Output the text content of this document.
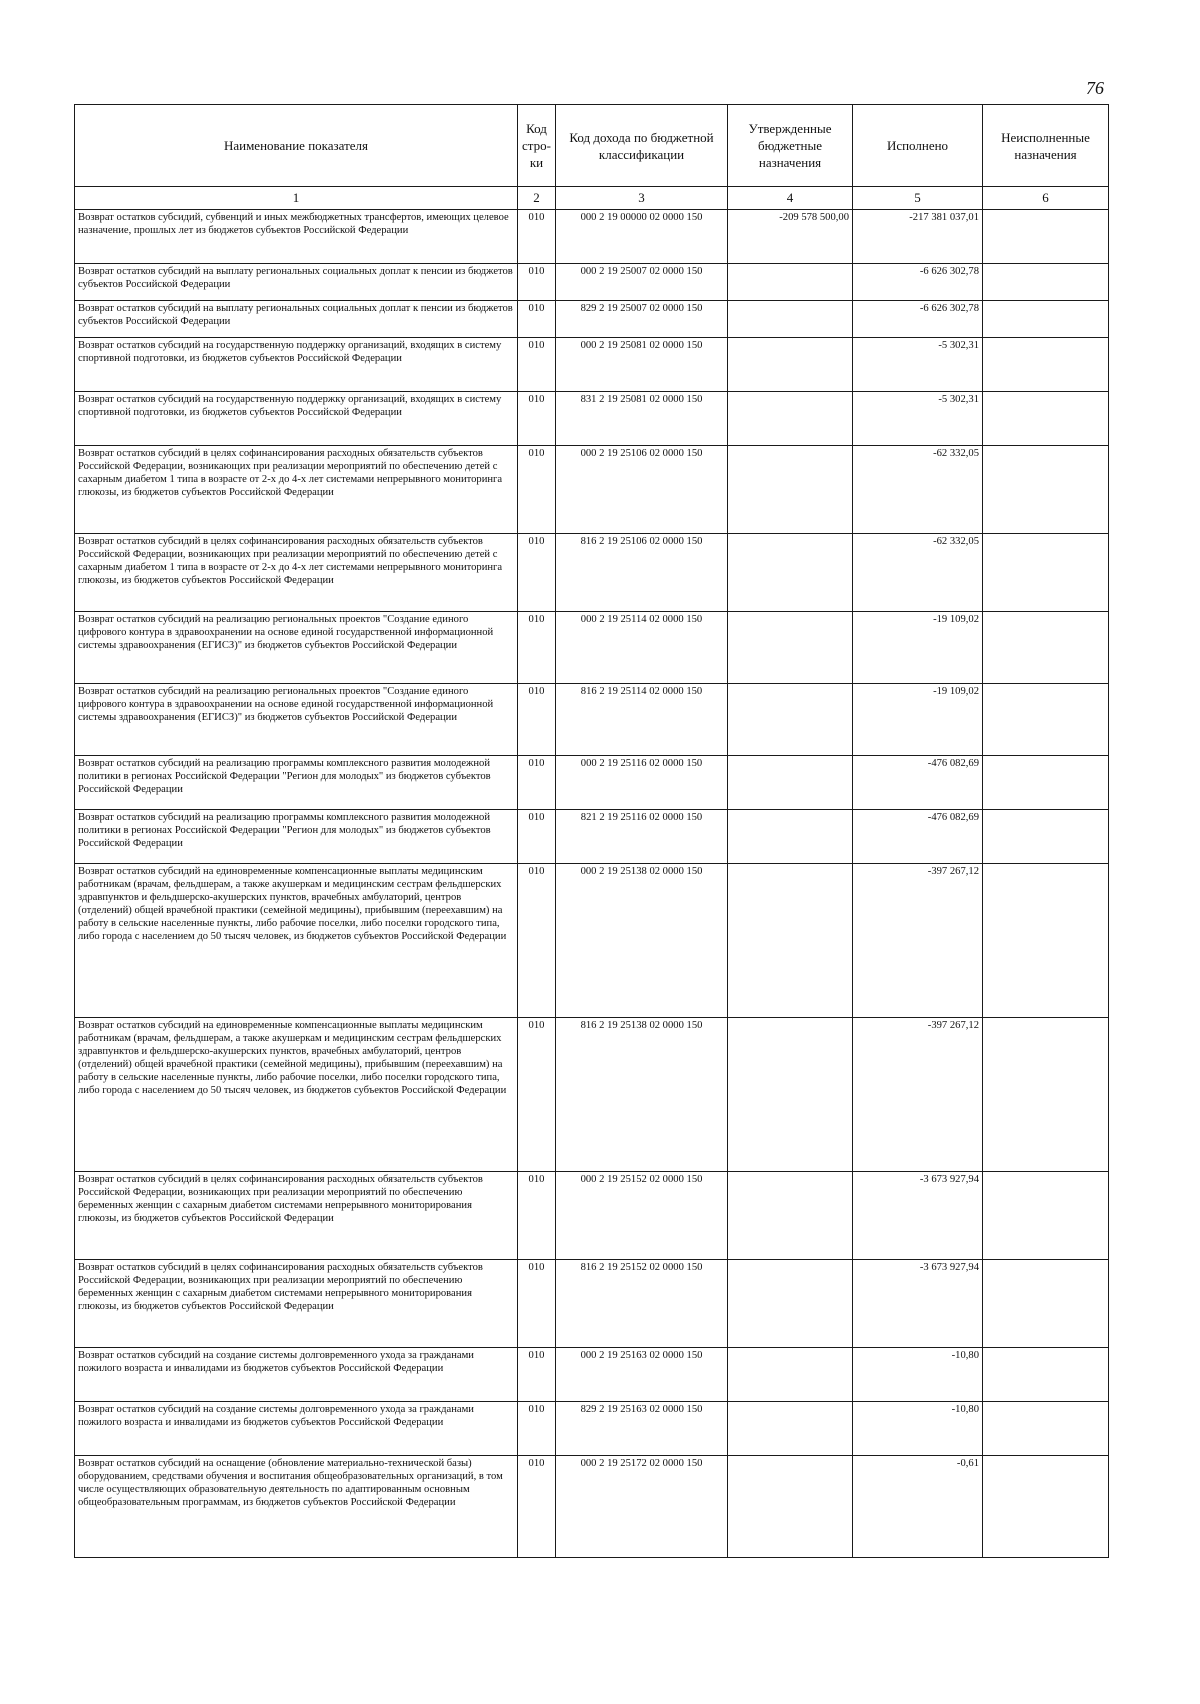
76
Наименование показателя	Код стро-ки	Код дохода по бюджетной классификации	Утвержденные бюджетные назначения	Исполнено	Неисполненные назначения
1	2	3	4	5	6
Возврат остатков субсидий, субвенций и иных межбюджетных трансфертов, имеющих целевое назначение, прошлых лет из бюджетов субъектов Российской Федерации	010	000 2 19 00000 02 0000 150	-209 578 500,00	-217 381 037,01	
Возврат остатков субсидий на выплату региональных социальных доплат к пенсии из бюджетов субъектов Российской Федерации	010	000 2 19 25007 02 0000 150		-6 626 302,78	
Возврат остатков субсидий на выплату региональных социальных доплат к пенсии из бюджетов субъектов Российской Федерации	010	829 2 19 25007 02 0000 150		-6 626 302,78	
Возврат остатков субсидий на государственную поддержку организаций, входящих в систему спортивной подготовки, из бюджетов субъектов Российской Федерации	010	000 2 19 25081 02 0000 150		-5 302,31	
Возврат остатков субсидий на государственную поддержку организаций, входящих в систему спортивной подготовки, из бюджетов субъектов Российской Федерации	010	831 2 19 25081 02 0000 150		-5 302,31	
Возврат остатков субсидий в целях софинансирования расходных обязательств субъектов Российской Федерации, возникающих при реализации мероприятий по обеспечению детей с сахарным диабетом 1 типа в возрасте от 2-х до 4-х лет системами непрерывного мониторинга глюкозы, из бюджетов субъектов Российской Федерации	010	000 2 19 25106 02 0000 150		-62 332,05	
Возврат остатков субсидий в целях софинансирования расходных обязательств субъектов Российской Федерации, возникающих при реализации мероприятий по обеспечению детей с сахарным диабетом 1 типа в возрасте от 2-х до 4-х лет системами непрерывного мониторинга глюкозы, из бюджетов субъектов Российской Федерации	010	816 2 19 25106 02 0000 150		-62 332,05	
Возврат остатков субсидий на реализацию региональных проектов "Создание единого цифрового контура в здравоохранении на основе единой государственной информационной системы здравоохранения (ЕГИСЗ)" из бюджетов субъектов Российской Федерации	010	000 2 19 25114 02 0000 150		-19 109,02	
Возврат остатков субсидий на реализацию региональных проектов "Создание единого цифрового контура в здравоохранении на основе единой государственной информационной системы здравоохранения (ЕГИСЗ)" из бюджетов субъектов Российской Федерации	010	816 2 19 25114 02 0000 150		-19 109,02	
Возврат остатков субсидий на реализацию программы комплексного развития молодежной политики в регионах Российской Федерации "Регион для молодых" из бюджетов субъектов Российской Федерации	010	000 2 19 25116 02 0000 150		-476 082,69	
Возврат остатков субсидий на реализацию программы комплексного развития молодежной политики в регионах Российской Федерации "Регион для молодых" из бюджетов субъектов Российской Федерации	010	821 2 19 25116 02 0000 150		-476 082,69	
Возврат остатков субсидий на единовременные компенсационные выплаты медицинским работникам (врачам, фельдшерам, а также акушеркам и медицинским сестрам фельдшерских здравпунктов и фельдшерско-акушерских пунктов, врачебных амбулаторий, центров (отделений) общей врачебной практики (семейной медицины), прибывшим (переехавшим) на работу в сельские населенные пункты, либо рабочие поселки, либо поселки городского типа, либо города с населением до 50 тысяч человек, из бюджетов субъектов Российской Федерации	010	000 2 19 25138 02 0000 150		-397 267,12	
Возврат остатков субсидий на единовременные компенсационные выплаты медицинским работникам (врачам, фельдшерам, а также акушеркам и медицинским сестрам фельдшерских здравпунктов и фельдшерско-акушерских пунктов, врачебных амбулаторий, центров (отделений) общей врачебной практики (семейной медицины), прибывшим (переехавшим) на работу в сельские населенные пункты, либо рабочие поселки, либо поселки городского типа, либо города с населением до 50 тысяч человек, из бюджетов субъектов Российской Федерации	010	816 2 19 25138 02 0000 150		-397 267,12	
Возврат остатков субсидий в целях софинансирования расходных обязательств субъектов Российской Федерации, возникающих при реализации мероприятий по обеспечению беременных женщин с сахарным диабетом системами непрерывного мониторирования глюкозы, из бюджетов субъектов Российской Федерации	010	000 2 19 25152 02 0000 150		-3 673 927,94	
Возврат остатков субсидий в целях софинансирования расходных обязательств субъектов Российской Федерации, возникающих при реализации мероприятий по обеспечению беременных женщин с сахарным диабетом системами непрерывного мониторирования глюкозы, из бюджетов субъектов Российской Федерации	010	816 2 19 25152 02 0000 150		-3 673 927,94	
Возврат остатков субсидий на создание системы долговременного ухода за гражданами пожилого возраста и инвалидами из бюджетов субъектов Российской Федерации	010	000 2 19 25163 02 0000 150		-10,80	
Возврат остатков субсидий на создание системы долговременного ухода за гражданами пожилого возраста и инвалидами из бюджетов субъектов Российской Федерации	010	829 2 19 25163 02 0000 150		-10,80	
Возврат остатков субсидий на оснащение (обновление материально-технической базы) оборудованием, средствами обучения и воспитания общеобразовательных организаций, в том числе осуществляющих образовательную деятельность по адаптированным основным общеобразовательным программам, из бюджетов субъектов Российской Федерации	010	000 2 19 25172 02 0000 150		-0,61	
